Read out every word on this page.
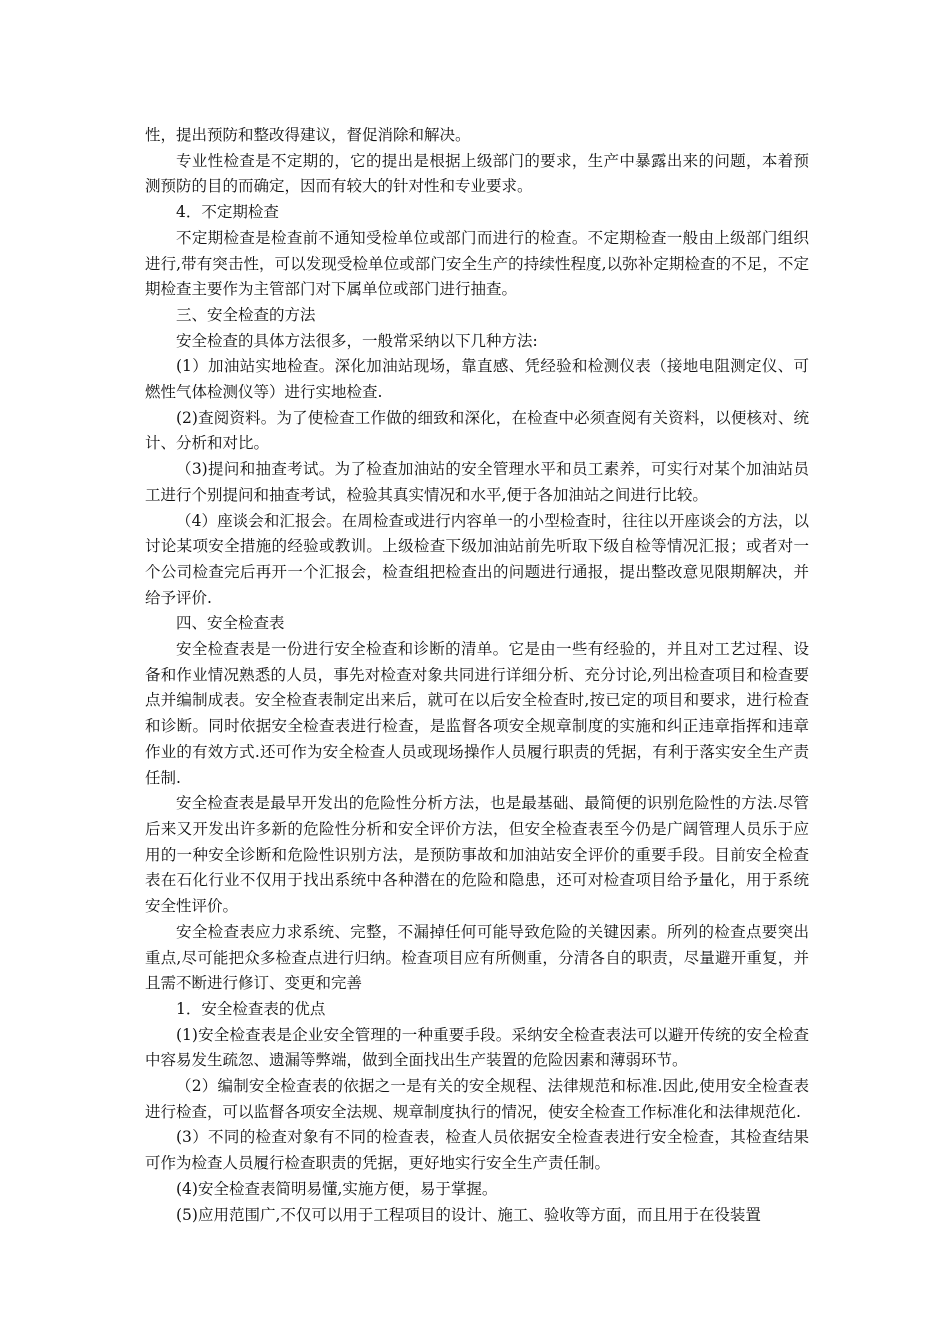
性，提出预防和整改得建议，督促消除和解决。

专业性检查是不定期的，它的提出是根据上级部门的要求，生产中暴露出来的问题，本着预测预防的目的而确定，因而有较大的针对性和专业要求。

4．不定期检查

不定期检查是检查前不通知受检单位或部门而进行的检查。不定期检查一般由上级部门组织进行,带有突击性，可以发现受检单位或部门安全生产的持续性程度,以弥补定期检查的不足，不定期检查主要作为主管部门对下属单位或部门进行抽查。

三、安全检查的方法

安全检查的具体方法很多，一般常采纳以下几种方法:

(1）加油站实地检查。深化加油站现场，靠直感、凭经验和检测仪表（接地电阻测定仪、可燃性气体检测仪等）进行实地检查.

(2)查阅资料。为了使检查工作做的细致和深化，在检查中必须查阅有关资料，以便核对、统计、分析和对比。

（3)提问和抽查考试。为了检查加油站的安全管理水平和员工素养，可实行对某个加油站员工进行个别提问和抽查考试，检验其真实情况和水平,便于各加油站之间进行比较。

（4）座谈会和汇报会。在周检查或进行内容单一的小型检查时，往往以开座谈会的方法，以讨论某项安全措施的经验或教训。上级检查下级加油站前先听取下级自检等情况汇报；或者对一个公司检查完后再开一个汇报会，检查组把检查出的问题进行通报，提出整改意见限期解决，并给予评价.

四、安全检查表

安全检查表是一份进行安全检查和诊断的清单。它是由一些有经验的，并且对工艺过程、设备和作业情况熟悉的人员，事先对检查对象共同进行详细分析、充分讨论,列出检查项目和检查要点并编制成表。安全检查表制定出来后，就可在以后安全检查时,按已定的项目和要求，进行检查和诊断。同时依据安全检查表进行检查，是监督各项安全规章制度的实施和纠正违章指挥和违章作业的有效方式.还可作为安全检查人员或现场操作人员履行职责的凭据，有利于落实安全生产责任制.

安全检查表是最早开发出的危险性分析方法，也是最基础、最简便的识别危险性的方法.尽管后来又开发出许多新的危险性分析和安全评价方法，但安全检查表至今仍是广阔管理人员乐于应用的一种安全诊断和危险性识别方法，是预防事故和加油站安全评价的重要手段。目前安全检查表在石化行业不仅用于找出系统中各种潜在的危险和隐患，还可对检查项目给予量化，用于系统安全性评价。

安全检查表应力求系统、完整，不漏掉任何可能导致危险的关键因素。所列的检查点要突出重点,尽可能把众多检查点进行归纳。检查项目应有所侧重，分清各自的职责，尽量避开重复，并且需不断进行修订、变更和完善

1．安全检查表的优点

(1)安全检查表是企业安全管理的一种重要手段。采纳安全检查表法可以避开传统的安全检查中容易发生疏忽、遗漏等弊端，做到全面找出生产装置的危险因素和薄弱环节。

（2）编制安全检查表的依据之一是有关的安全规程、法律规范和标准.因此,使用安全检查表进行检查，可以监督各项安全法规、规章制度执行的情况，使安全检查工作标准化和法律规范化.

(3）不同的检查对象有不同的检查表，检查人员依据安全检查表进行安全检查，其检查结果可作为检查人员履行检查职责的凭据，更好地实行安全生产责任制。

(4)安全检查表简明易懂,实施方便，易于掌握。

(5)应用范围广,不仅可以用于工程项目的设计、施工、验收等方面，而且用于在役装置
